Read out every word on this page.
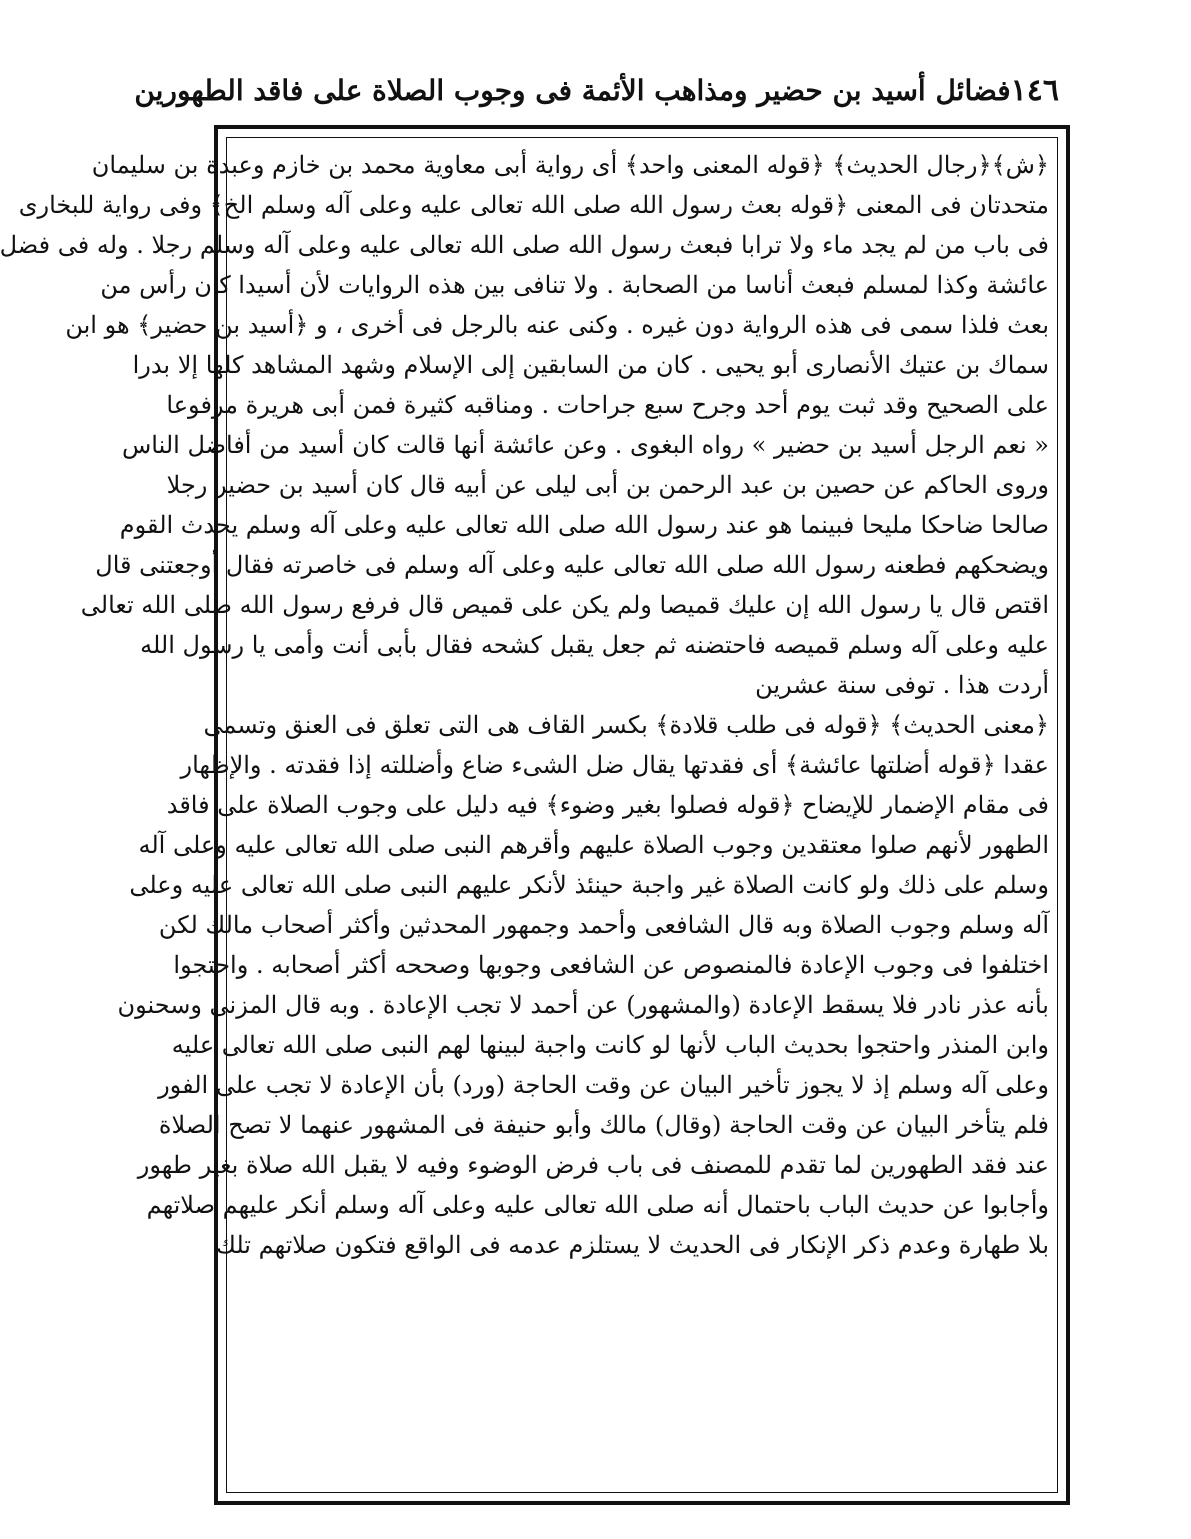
١٤٦
فضائل أسيد بن حضير ومذاهب الأئمة فى وجوب الصلاة على فاقد الطهورين
﴿ش﴾﴿رجال الحديث﴾ ﴿قوله المعنى واحد﴾ أى رواية أبى معاوية محمد بن خازم وعبدة بن سليمان
متحدتان فى المعنى ﴿قوله بعث رسول الله صلى الله تعالى عليه وعلى آله وسلم الخ﴾ وفى رواية للبخارى
فى باب من لم يجد ماء ولا ترابا فبعث رسول الله صلى الله تعالى عليه وعلى آله وسلم رجلا . وله فى فضل
عائشة وكذا لمسلم فبعث أناسا من الصحابة . ولا تنافى بين هذه الروايات لأن أسيدا كان رأس من
بعث فلذا سمى فى هذه الرواية دون غيره . وكنى عنه بالرجل فى أخرى ، و ﴿أسيد بن حضير﴾ هو ابن
سماك بن عتيك الأنصارى أبو يحيى . كان من السابقين إلى الإسلام وشهد المشاهد كلها إلا بدرا
على الصحيح وقد ثبت يوم أحد وجرح سبع جراحات . ومناقبه كثيرة فمن أبى هريرة مرفوعا
« نعم الرجل أسيد بن حضير » رواه البغوى . وعن عائشة أنها قالت كان أسيد من أفاضل الناس
وروى الحاكم عن حصين بن عبد الرحمن بن أبى ليلى عن أبيه قال كان أسيد بن حضير رجلا
صالحا ضاحكا مليحا فبينما هو عند رسول الله صلى الله تعالى عليه وعلى آله وسلم يحدث القوم
ويضحكهم فطعنه رسول الله صلى الله تعالى عليه وعلى آله وسلم فى خاصرته فقال أوجعتنى قال
اقتص قال يا رسول الله إن عليك قميصا ولم يكن على قميص قال فرفع رسول الله صلى الله تعالى
عليه وعلى آله وسلم قميصه فاحتضنه ثم جعل يقبل كشحه فقال بأبى أنت وأمى يا رسول الله
أردت هذا . توفى سنة عشرين
﴿معنى الحديث﴾ ﴿قوله فى طلب قلادة﴾ بكسر القاف هى التى تعلق فى العنق وتسمى
عقدا ﴿قوله أضلتها عائشة﴾ أى فقدتها يقال ضل الشىء ضاع وأضللته إذا فقدته . والإظهار
فى مقام الإضمار للإيضاح ﴿قوله فصلوا بغير وضوء﴾ فيه دليل على وجوب الصلاة على فاقد
الطهور لأنهم صلوا معتقدين وجوب الصلاة عليهم وأقرهم النبى صلى الله تعالى عليه وعلى آله
وسلم على ذلك ولو كانت الصلاة غير واجبة حينئذ لأنكر عليهم النبى صلى الله تعالى عليه وعلى
آله وسلم وجوب الصلاة وبه قال الشافعى وأحمد وجمهور المحدثين وأكثر أصحاب مالك لكن
اختلفوا فى وجوب الإعادة فالمنصوص عن الشافعى وجوبها وصححه أكثر أصحابه . واحتجوا
بأنه عذر نادر فلا يسقط الإعادة (والمشهور) عن أحمد لا تجب الإعادة . وبه قال المزنى وسحنون
وابن المنذر واحتجوا بحديث الباب لأنها لو كانت واجبة لبينها لهم النبى صلى الله تعالى عليه
وعلى آله وسلم إذ لا يجوز تأخير البيان عن وقت الحاجة (ورد) بأن الإعادة لا تجب على الفور
فلم يتأخر البيان عن وقت الحاجة (وقال) مالك وأبو حنيفة فى المشهور عنهما لا تصح الصلاة
عند فقد الطهورين لما تقدم للمصنف فى باب فرض الوضوء وفيه لا يقبل الله صلاة بغير طهور
وأجابوا عن حديث الباب باحتمال أنه صلى الله تعالى عليه وعلى آله وسلم أنكر عليهم صلاتهم
بلا طهارة وعدم ذكر الإنكار فى الحديث لا يستلزم عدمه فى الواقع فتكون صلاتهم تلك
